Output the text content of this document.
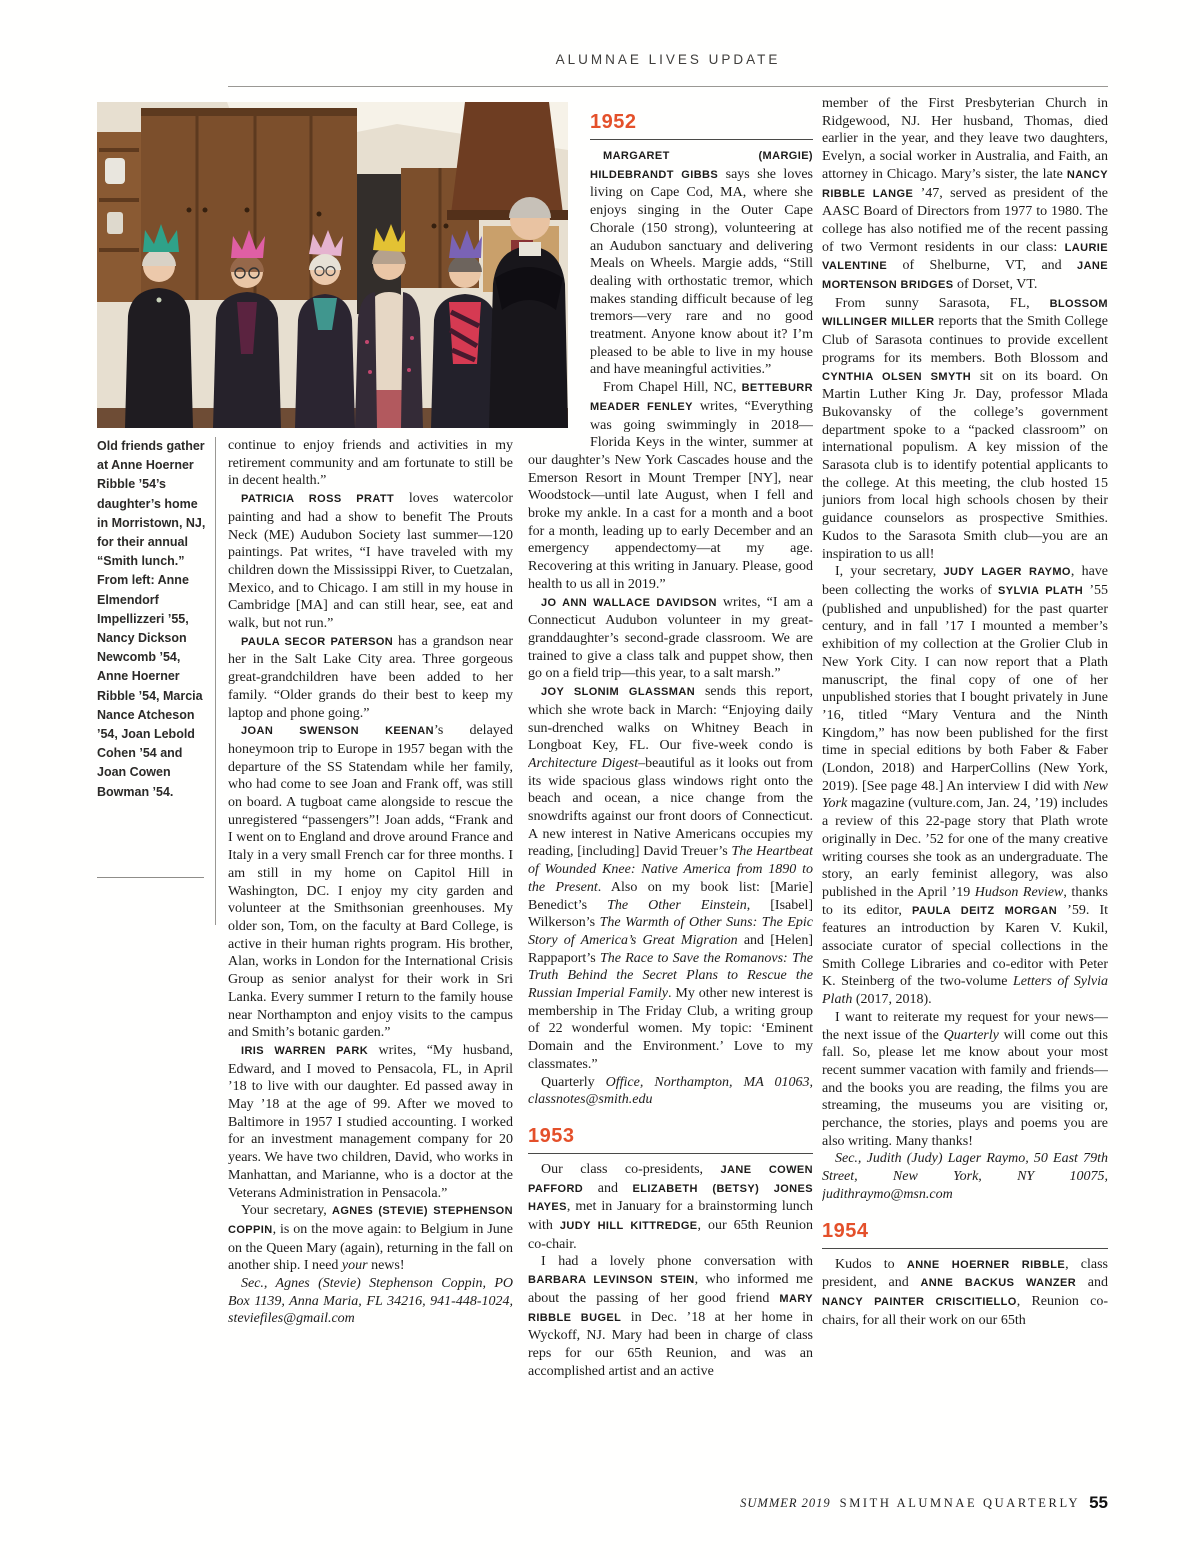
ALUMNAE LIVES UPDATE
Old friends gather at Anne Hoerner Ribble ’54’s daughter’s home in Morristown, NJ, for their annual “Smith lunch.” From left: Anne Elmendorf Impellizzeri ’55, Nancy Dickson Newcomb ’54, Anne Hoerner Ribble ’54, Marcia Nance Atcheson ’54, Joan Lebold Cohen ’54 and Joan Cowen Bowman ’54.

continue to enjoy friends and activities in my retirement community and am fortunate to still be in decent health.”

PATRICIA ROSS PRATT loves watercolor painting and had a show to benefit The Prouts Neck (ME) Audubon Society last summer—120 paintings. Pat writes, “I have traveled with my children down the Mississippi River, to Cuetzalan, Mexico, and to Chicago. I am still in my house in Cambridge [MA] and can still hear, see, eat and walk, but not run.”

PAULA SECOR PATERSON has a grandson near her in the Salt Lake City area. Three gorgeous great-grandchildren have been added to her family. “Older grands do their best to keep my laptop and phone going.”

JOAN SWENSON KEENAN’s delayed honeymoon trip to Europe in 1957 began with the departure of the SS Statendam while her family, who had come to see Joan and Frank off, was still on board. A tugboat came alongside to rescue the unregistered “passengers”! Joan adds, “Frank and I went on to England and drove around France and Italy in a very small French car for three months. I am still in my home on Capitol Hill in Washington, DC. I enjoy my city garden and volunteer at the Smithsonian greenhouses. My older son, Tom, on the faculty at Bard College, is active in their human rights program. His brother, Alan, works in London for the International Crisis Group as senior analyst for their work in Sri Lanka. Every summer I return to the family house near Northampton and enjoy visits to the campus and Smith’s botanic garden.”

IRIS WARREN PARK writes, “My husband, Edward, and I moved to Pensacola, FL, in April ’18 to live with our daughter. Ed passed away in May ’18 at the age of 99. After we moved to Baltimore in 1957 I studied accounting. I worked for an investment management company for 20 years. We have two children, David, who works in Manhattan, and Marianne, who is a doctor at the Veterans Administration in Pensacola.”

Your secretary, AGNES (STEVIE) STEPHENSON COPPIN, is on the move again: to Belgium in June on the Queen Mary (again), returning in the fall on another ship. I need your news!

Sec., Agnes (Stevie) Stephenson Coppin, PO Box 1139, Anna Maria, FL 34216, 941-448-1024, steviefiles@gmail.com

1952

MARGARET (MARGIE) HILDEBRANDT GIBBS says she loves living on Cape Cod, MA, where she enjoys singing in the Outer Cape Chorale (150 strong), volunteering at an Audubon sanctuary and delivering Meals on Wheels. Margie adds, “Still dealing with orthostatic tremor, which makes standing difficult because of leg tremors—very rare and no good treatment. Anyone know about it? I’m pleased to be able to live in my house and have meaningful activities.”

From Chapel Hill, NC, BETTEBURR MEADER FENLEY writes, “Everything was going swimmingly in 2018—Florida Keys in the winter, summer at our daughter’s New York Cascades house and the Emerson Resort in Mount Tremper [NY], near Woodstock—until late August, when I fell and broke my ankle. In a cast for a month and a boot for a month, leading up to early December and an emergency appendectomy—at my age. Recovering at this writing in January. Please, good health to us all in 2019.”

JO ANN WALLACE DAVIDSON writes, “I am a Connecticut Audubon volunteer in my great-granddaughter’s second-grade classroom. We are trained to give a class talk and puppet show, then go on a field trip—this year, to a salt marsh.”

JOY SLONIM GLASSMAN sends this report, which she wrote back in March: “Enjoying daily sun-drenched walks on Whitney Beach in Longboat Key, FL. Our five-week condo is Architecture Digest–beautiful as it looks out from its wide spacious glass windows right onto the beach and ocean, a nice change from the snowdrifts against our front doors of Connecticut. A new interest in Native Americans occupies my reading, [including] David Treuer’s The Heartbeat of Wounded Knee: Native America from 1890 to the Present. Also on my book list: [Marie] Benedict’s The Other Einstein, [Isabel] Wilkerson’s The Warmth of Other Suns: The Epic Story of America’s Great Migration and [Helen] Rappaport’s The Race to Save the Romanovs: The Truth Behind the Secret Plans to Rescue the Russian Imperial Family. My other new interest is membership in The Friday Club, a writing group of 22 wonderful women. My topic: ‘Eminent Domain and the Environment.’ Love to my classmates.”

Quarterly Office, Northampton, MA 01063, classnotes@smith.edu

1953

Our class co-presidents, JANE COWEN PAFFORD and ELIZABETH (BETSY) JONES HAYES, met in January for a brainstorming lunch with JUDY HILL KITTREDGE, our 65th Reunion co-chair.

I had a lovely phone conversation with BARBARA LEVINSON STEIN, who informed me about the passing of her good friend MARY RIBBLE BUGEL in Dec. ’18 at her home in Wyckoff, NJ. Mary had been in charge of class reps for our 65th Reunion, and was an accomplished artist and an active

member of the First Presbyterian Church in Ridgewood, NJ. Her husband, Thomas, died earlier in the year, and they leave two daughters, Evelyn, a social worker in Australia, and Faith, an attorney in Chicago. Mary’s sister, the late NANCY RIBBLE LANGE ’47, served as president of the AASC Board of Directors from 1977 to 1980. The college has also notified me of the recent passing of two Vermont residents in our class: LAURIE VALENTINE of Shelburne, VT, and JANE MORTENSON BRIDGES of Dorset, VT.

From sunny Sarasota, FL, BLOSSOM WILLINGER MILLER reports that the Smith College Club of Sarasota continues to provide excellent programs for its members. Both Blossom and CYNTHIA OLSEN SMYTH sit on its board. On Martin Luther King Jr. Day, professor Mlada Bukovansky of the college’s government department spoke to a “packed classroom” on international populism. A key mission of the Sarasota club is to identify potential applicants to the college. At this meeting, the club hosted 15 juniors from local high schools chosen by their guidance counselors as prospective Smithies. Kudos to the Sarasota Smith club—you are an inspiration to us all!

I, your secretary, JUDY LAGER RAYMO, have been collecting the works of SYLVIA PLATH ’55 (published and unpublished) for the past quarter century, and in fall ’17 I mounted a member’s exhibition of my collection at the Grolier Club in New York City. I can now report that a Plath manuscript, the final copy of one of her unpublished stories that I bought privately in June ’16, titled “Mary Ventura and the Ninth Kingdom,” has now been published for the first time in special editions by both Faber & Faber (London, 2018) and HarperCollins (New York, 2019). [See page 48.] An interview I did with New York magazine (vulture.com, Jan. 24, ’19) includes a review of this 22-page story that Plath wrote originally in Dec. ’52 for one of the many creative writing courses she took as an undergraduate. The story, an early feminist allegory, was also published in the April ’19 Hudson Review, thanks to its editor, PAULA DEITZ MORGAN ’59. It features an introduction by Karen V. Kukil, associate curator of special collections in the Smith College Libraries and co-editor with Peter K. Steinberg of the two-volume Letters of Sylvia Plath (2017, 2018).

I want to reiterate my request for your news—the next issue of the Quarterly will come out this fall. So, please let me know about your most recent summer vacation with family and friends—and the books you are reading, the films you are streaming, the museums you are visiting or, perchance, the stories, plays and poems you are also writing. Many thanks!

Sec., Judith (Judy) Lager Raymo, 50 East 79th Street, New York, NY 10075, judithraymo@msn.com

1954

Kudos to ANNE HOERNER RIBBLE, class president, and ANNE BACKUS WANZER and NANCY PAINTER CRISCITIELLO, Reunion co-chairs, for all their work on our 65th

SUMMER 2019 SMITH ALUMNAE QUARTERLY 55
